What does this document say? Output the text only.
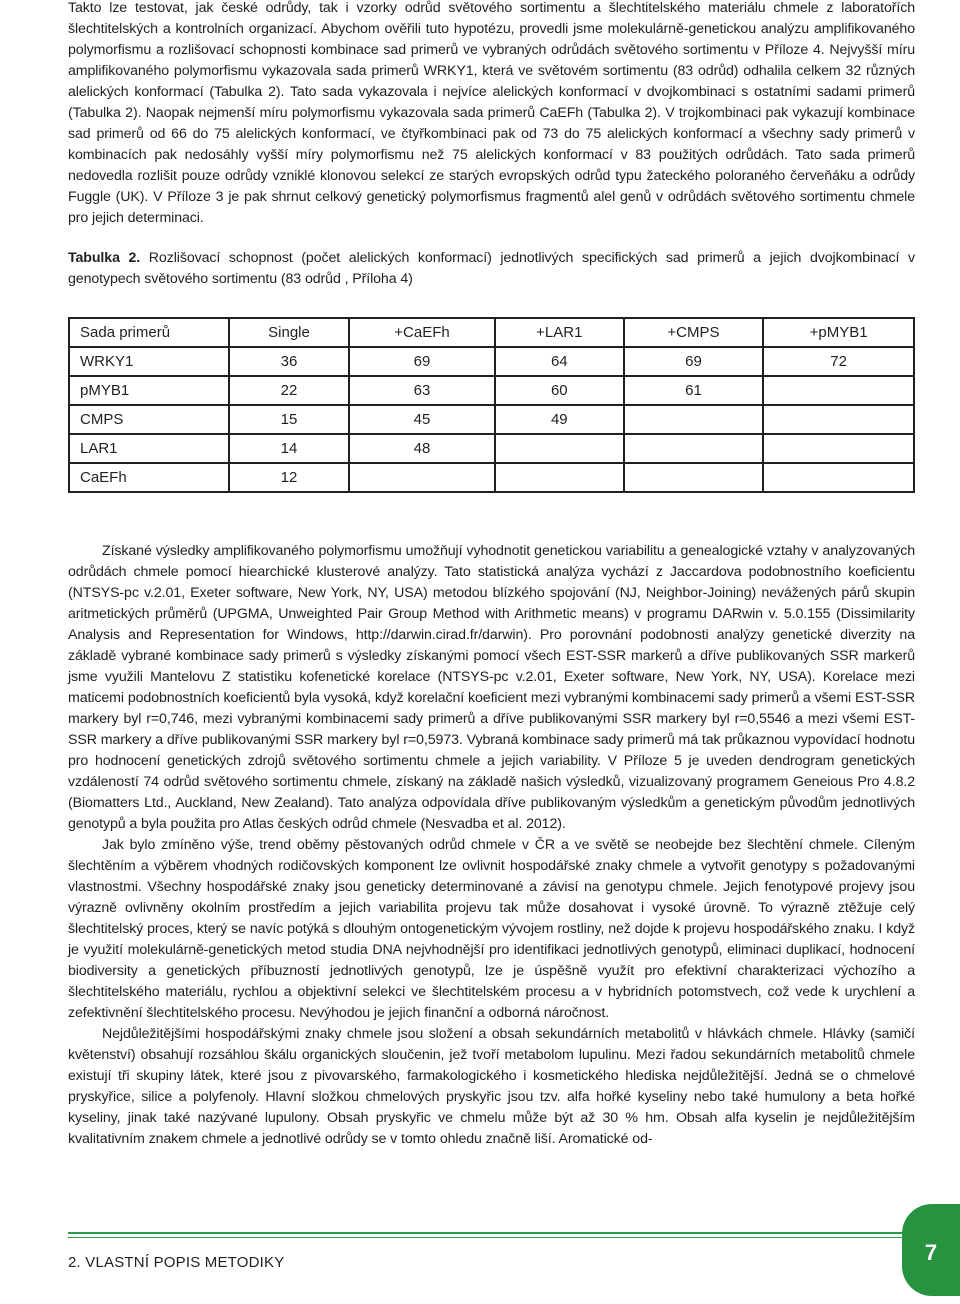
Takto lze testovat, jak české odrůdy, tak i vzorky odrůd světového sortimentu a šlechtitelského materiálu chmele z laboratořích šlechtitelských a kontrolních organizací. Abychom ověřili tuto hypotézu, provedli jsme molekulárně-genetickou analýzu amplifikovaného polymorfismu a rozlišovací schopnosti kombinace sad primerů ve vybraných odrůdách světového sortimentu v Příloze 4. Nejvyšší míru amplifikovaného polymorfismu vykazovala sada primerů WRKY1, která ve světovém sortimentu (83 odrůd) odhalila celkem 32 různých alelických konformací (Tabulka 2). Tato sada vykazovala i nejvíce alelických konformací v dvojkombinaci s ostatními sadami primerů (Tabulka 2). Naopak nejmenší míru polymorfismu vykazovala sada primerů CaEFh (Tabulka 2). V trojkombinaci pak vykazují kombinace sad primerů od 66 do 75 alelických konformací, ve čtyřkombinaci pak od 73 do 75 alelických konformací a všechny sady primerů v kombinacích pak nedosáhly vyšší míry polymorfismu než 75 alelických konformací v 83 použitých odrůdách. Tato sada primerů nedovedla rozlišit pouze odrůdy vzniklé klonovou selekcí ze starých evropských odrůd typu žateckého poloraného červeňáku a odrůdy Fuggle (UK). V Příloze 3 je pak shrnut celkový genetický polymorfismus fragmentů alel genů v odrůdách světového sortimentu chmele pro jejich determinaci.

Tabulka 2. Rozlišovací schopnost (počet alelických konformací) jednotlivých specifických sad primerů a jejich dvojkombinací v genotypech světového sortimentu (83 odrůd , Příloha 4)

Sada primerů	Single	+CaEFh	+LAR1	+CMPS	+pMYB1
WRKY1	36	69	64	69	72
pMYB1	22	63	60	61	
CMPS	15	45	49		
LAR1	14	48			
CaEFh	12				

Získané výsledky amplifikovaného polymorfismu umožňují vyhodnotit genetickou variabilitu a genealogické vztahy v analyzovaných odrůdách chmele pomocí hiearchické klusterové analýzy. Tato statistická analýza vychází z Jaccardova podobnostního koeficientu (NTSYS-pc v.2.01, Exeter software, New York, NY, USA) metodou blízkého spojování (NJ, Neighbor-Joining) nevážených párů skupin aritmetických průměrů (UPGMA, Unweighted Pair Group Method with Arithmetic means) v programu DARwin v. 5.0.155 (Dissimilarity Analysis and Representation for Windows, http://darwin.cirad.fr/darwin). Pro porovnání podobnosti analýzy genetické diverzity na základě vybrané kombinace sady primerů s výsledky získanými pomocí všech EST-SSR markerů a dříve publikovaných SSR markerů jsme využili Mantelovu Z statistiku kofenetické korelace (NTSYS-pc v.2.01, Exeter software, New York, NY, USA). Korelace mezi maticemi podobnostních koeficientů byla vysoká, když korelační koeficient mezi vybranými kombinacemi sady primerů a všemi EST-SSR markery byl r=0,746, mezi vybranými kombinacemi sady primerů a dříve publikovanými SSR markery byl r=0,5546 a mezi všemi EST-SSR markery a dříve publikovanými SSR markery byl r=0,5973. Vybraná kombinace sady primerů má tak průkaznou vypovídací hodnotu pro hodnocení genetických zdrojů světového sortimentu chmele a jejich variability. V Příloze 5 je uveden dendrogram genetických vzdáleností 74 odrůd světového sortimentu chmele, získaný na základě našich výsledků, vizualizovaný programem Geneious Pro 4.8.2 (Biomatters Ltd., Auckland, New Zealand). Tato analýza odpovídala dříve publikovaným výsledkům a genetickým původům jednotlivých genotypů a byla použita pro Atlas českých odrůd chmele (Nesvadba et al. 2012).

Jak bylo zmíněno výše, trend oběmy pěstovaných odrůd chmele v ČR a ve světě se neobejde bez šlechtění chmele. Cíleným šlechtěním a výběrem vhodných rodičovských komponent lze ovlivnit hospodářské znaky chmele a vytvořit genotypy s požadovanými vlastnostmi. Všechny hospodářské znaky jsou geneticky determinované a závisí na genotypu chmele. Jejich fenotypové projevy jsou výrazně ovlivněny okolním prostředím a jejich variabilita projevu tak může dosahovat i vysoké úrovně. To výrazně ztěžuje celý šlechtitelský proces, který se navíc potýká s dlouhým ontogenetickým vývojem rostliny, než dojde k projevu hospodářského znaku. I když je využití molekulárně-genetických metod studia DNA nejvhodnější pro identifikaci jednotlivých genotypů, eliminaci duplikací, hodnocení biodiversity a genetických příbuzností jednotlivých genotypů, lze je úspěšně využít pro efektivní charakterizaci výchozího a šlechtitelského materiálu, rychlou a objektivní selekci ve šlechtitelském procesu a v hybridních potomstvech, což vede k urychlení a zefektivnění šlechtitelského procesu. Nevýhodou je jejich finanční a odborná náročnost.

Nejdůležitějšími hospodářskými znaky chmele jsou složení a obsah sekundárních metabolitů v hlávkách chmele. Hlávky (samičí květenství) obsahují rozsáhlou škálu organických sloučenin, jež tvoří metabolom lupulinu. Mezi řadou sekundárních metabolitů chmele existují tři skupiny látek, které jsou z pivovarského, farmakologického i kosmetického hlediska nejdůležitější. Jedná se o chmelové pryskyřice, silice a polyfenoly. Hlavní složkou chmelových pryskyřic jsou tzv. alfa hořké kyseliny nebo také humulony a beta hořké kyseliny, jinak také nazývané lupulony. Obsah pryskyřic ve chmelu může být až 30 % hm. Obsah alfa kyselin je nejdůležitějším kvalitativním znakem chmele a jednotlivé odrůdy se v tomto ohledu značně liší. Aromatické od-

2. VLASTNÍ POPIS METODIKY	7
